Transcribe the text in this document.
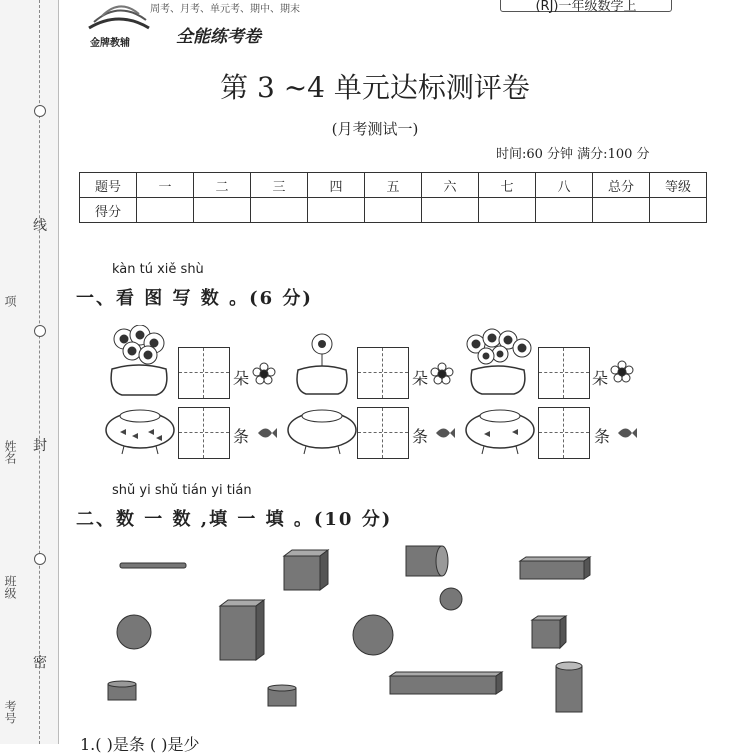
线
封
密
项
姓名
班级
考号
金牌教辅	全能练考卷
周考、月考、单元考、期中、期末	(RJ)一年级数学上
第 3 ~4 单元达标测评卷
(月考测试一)
时间:60 分钟 满分:100 分
题号	一	二	三	四	五	六	七	八	总分	等级
得分										
kàn tú xiě shù
一、看 图 写 数 。(6 分)
朵	朵	朵
条	条	条
shǔ yi shǔ tián yi tián
二、数 一 数 ,填 一 填 。(10 分)
1.( )是条 ( )是少
